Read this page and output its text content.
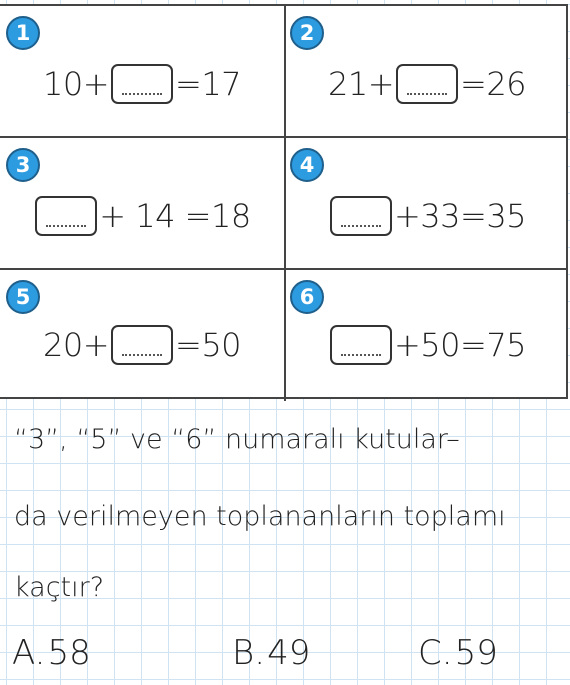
1
10+ =17
2
21+ =26
3
+ 14 =18
4
+33=35
5
20+ =50
6
+50=75
“3”, “5” ve “6” numaralı kutular–
da verilmeyen toplananların toplamı
kaçtır?
A.58	B.49	C.59
